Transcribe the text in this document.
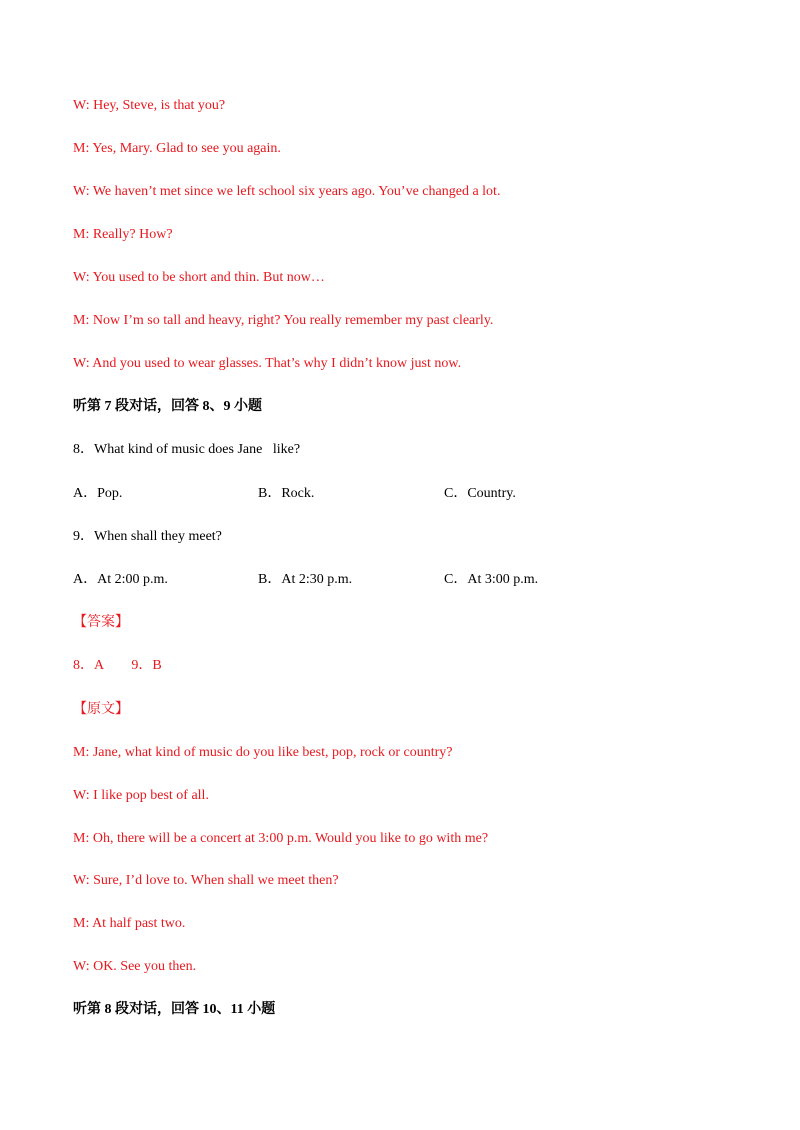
W: Hey, Steve, is that you?
M: Yes, Mary. Glad to see you again.
W: We haven’t met since we left school six years ago. You’ve changed a lot.
M: Really? How?
W: You used to be short and thin. But now…
M: Now I’m so tall and heavy, right? You really remember my past clearly.
W: And you used to wear glasses. That’s why I didn’t know just now.
听第 7 段对话，回答 8、9 小题
8．What kind of music does Jane   like?
A．Pop.	B．Rock.	C．Country.
9．When shall they meet?
A．At 2:00 p.m.	B．At 2:30 p.m.	C．At 3:00 p.m.
【答案】
8．A        9．B
【原文】
M: Jane, what kind of music do you like best, pop, rock or country?
W: I like pop best of all.
M: Oh, there will be a concert at 3:00 p.m. Would you like to go with me?
W: Sure, I’d love to. When shall we meet then?
M: At half past two.
W: OK. See you then.
听第 8 段对话，回答 10、11 小题
